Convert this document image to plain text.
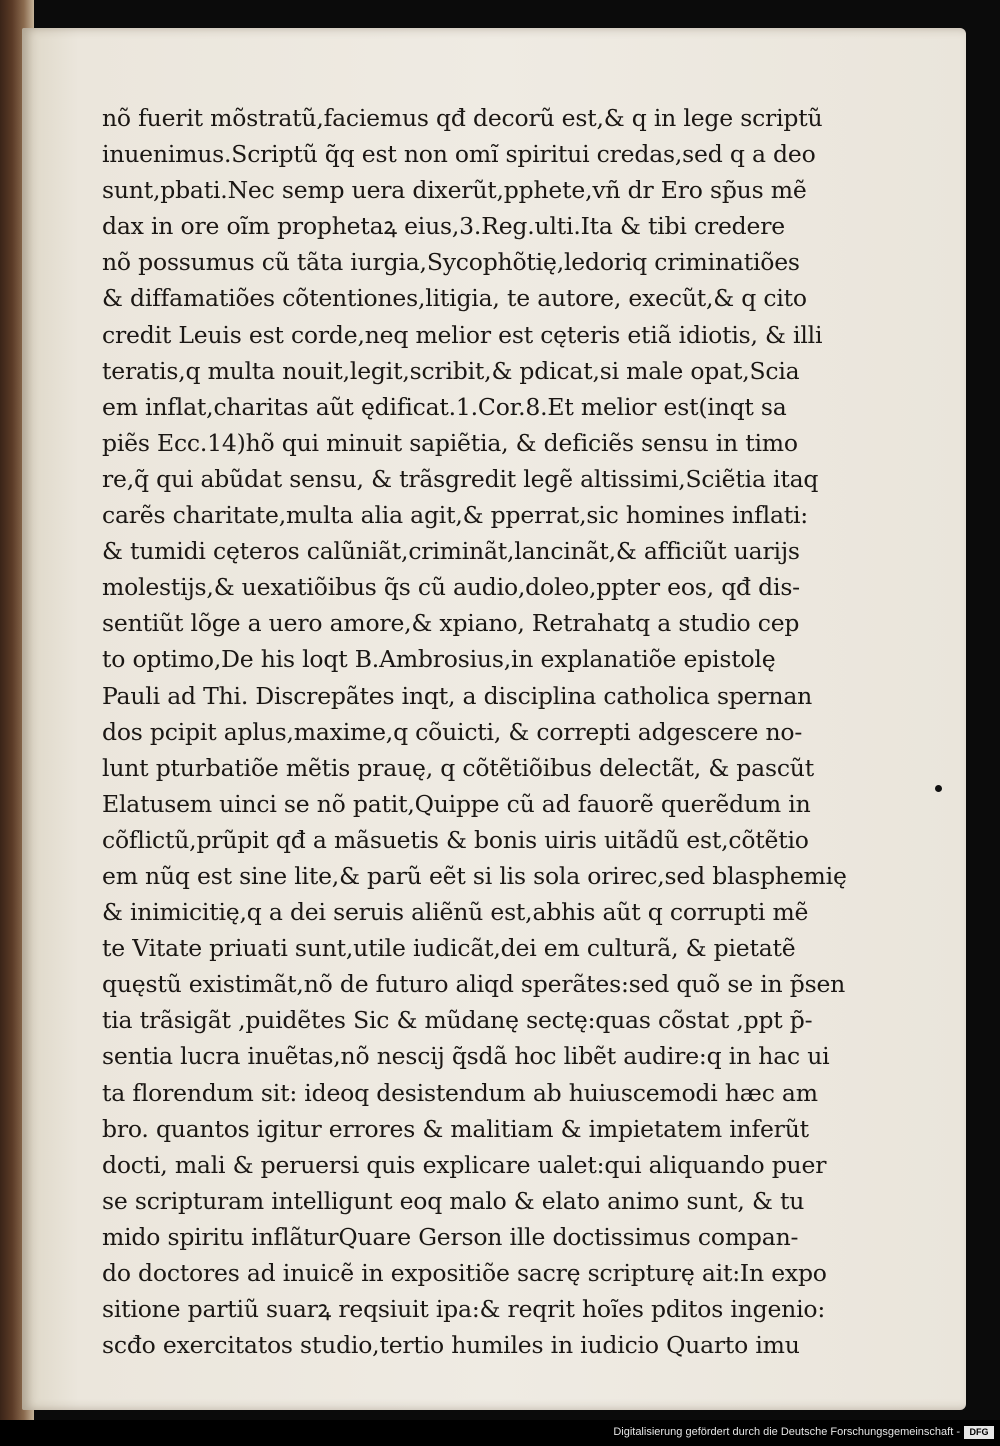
nõ fuerit mõstratũ,faciemus qđ decorũ est,& q in lege scriptũ
inuenimus.Scriptũ q̃q est non omĩ spiritui credas,sed q a deo
sunt,pbati.Nec semp uera dixerũt,pphete,vñ dr Ero sp̃us mẽ
dax in ore oĩm prophetaꝝ eius,3.Reg.ulti.Ita & tibi credere
nõ possumus cũ tãta iurgia,Sycophõtię,ledoriq criminatiões
& diffamatiões cõtentiones,litigia, te autore, execũt,& q cito
credit Leuis est corde,neq melior est cęteris etiã idiotis, & illi
teratis,q multa nouit,legit,scribit,& pdicat,si male opat,Scia
em inflat,charitas aũt ędificat.1.Cor.8.Et melior est(inqt sa
piẽs Ecc.14)hõ qui minuit sapiẽtia, & deficiẽs sensu in timo
re,q̃ qui abũdat sensu, & trãsgredit legẽ altissimi,Sciẽtia itaq
carẽs charitate,multa alia agit,& pperrat,sic homines inflati:
& tumidi cęteros calũniãt,criminãt,lancinãt,& afficiũt uarijs
molestijs,& uexatiõibus q̃s cũ audio,doleo,ppter eos, qđ dis-
sentiũt lõge a uero amore,& xpiano, Retrahatq a studio cep
to optimo,De his loqt B.Ambrosius,in explanatiõe epistolę
Pauli ad Thi. Discrepãtes inqt, a disciplina catholica spernan
dos pcipit aplus,maxime,q cõuicti, & correpti adgescere no-
lunt pturbatiõe mẽtis prauę, q cõtẽtiõibus delectãt, & pascũt
Elatusem uinci se nõ patit,Quippe cũ ad fauorẽ querẽdum in
cõflictũ,prũpit qđ a mãsuetis & bonis uiris uitãdũ est,cõtẽtio
em nũq est sine lite,& parũ eẽt si lis sola orirec,sed blasphemię
& inimicitię,q a dei seruis aliẽnũ est,abhis aũt q corrupti mẽ
te Vitate priuati sunt,utile iudicãt,dei em culturã, & pietatẽ
quęstũ existimãt,nõ de futuro aliqd sperãtes:sed quõ se in p̃sen
tia trãsigãt ,puidẽtes Sic & mũdanę sectę:quas cõstat ,ppt p̃-
sentia lucra inuẽtas,nõ nescij q̃sdã hoc libẽt audire:q in hac ui
ta florendum sit: ideoq desistendum ab huiuscemodi hæc am
bro. quantos igitur errores & malitiam & impietatem inferũt
docti, mali & peruersi quis explicare ualet:qui aliquando puer
se scripturam intelligunt eoq malo & elato animo sunt, & tu
mido spiritu inflãturQuare Gerson ille doctissimus compan-
do doctores ad inuicẽ in expositiõe sacrę scripturę ait:In expo
sitione partiũ suarꝝ reqsiuit ipa:& reqrit hoĩes pditos ingenio:
scđo exercitatos studio,tertio humiles in iudicio Quarto imu
Digitalisierung gefördert durch die Deutsche Forschungsgemeinschaft -	DFG
